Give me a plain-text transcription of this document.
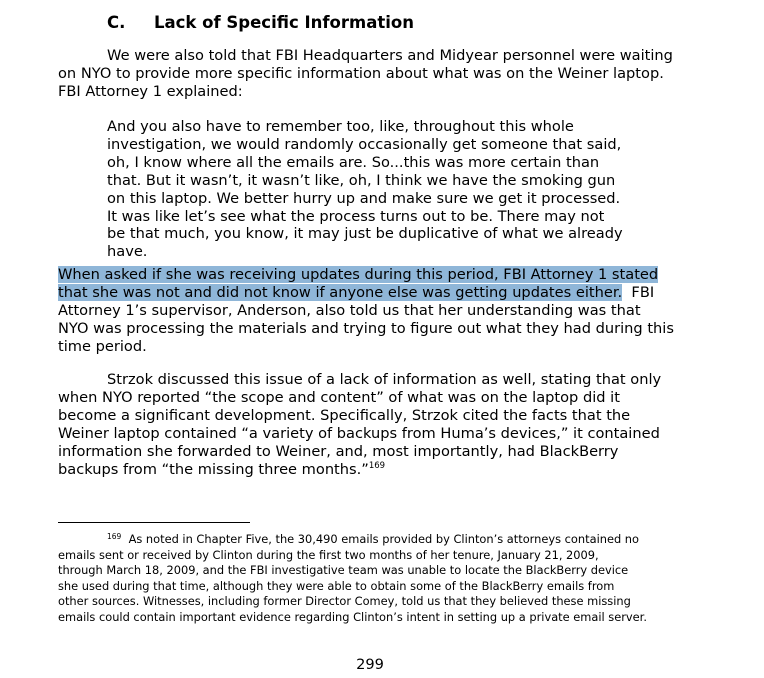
C. Lack of Specific Information
We were also told that FBI Headquarters and Midyear personnel were waiting
on NYO to provide more specific information about what was on the Weiner laptop.
FBI Attorney 1 explained:
And you also have to remember too, like, throughout this whole
investigation, we would randomly occasionally get someone that said,
oh, I know where all the emails are. So...this was more certain than
that. But it wasn’t, it wasn’t like, oh, I think we have the smoking gun
on this laptop. We better hurry up and make sure we get it processed.
It was like let’s see what the process turns out to be. There may not
be that much, you know, it may just be duplicative of what we already
have.
When asked if she was receiving updates during this period, FBI Attorney 1 stated
that she was not and did not know if anyone else was getting updates either.  FBI
Attorney 1’s supervisor, Anderson, also told us that her understanding was that
NYO was processing the materials and trying to figure out what they had during this
time period.
Strzok discussed this issue of a lack of information as well, stating that only
when NYO reported “the scope and content” of what was on the laptop did it
become a significant development. Specifically, Strzok cited the facts that the
Weiner laptop contained “a variety of backups from Huma’s devices,” it contained
information she forwarded to Weiner, and, most importantly, had BlackBerry
backups from “the missing three months.”$^{169}$
$^{169}$  As noted in Chapter Five, the 30,490 emails provided by Clinton’s attorneys contained no
emails sent or received by Clinton during the first two months of her tenure, January 21, 2009,
through March 18, 2009, and the FBI investigative team was unable to locate the BlackBerry device
she used during that time, although they were able to obtain some of the BlackBerry emails from
other sources. Witnesses, including former Director Comey, told us that they believed these missing
emails could contain important evidence regarding Clinton’s intent in setting up a private email server.
299
